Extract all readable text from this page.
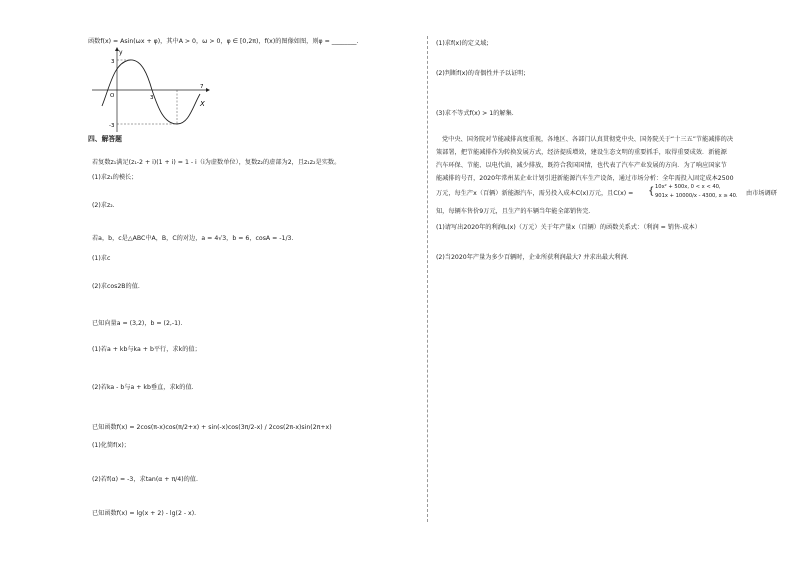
函数f(x) = Asin(ωx + φ)，其中A > 0，ω > 0，φ ∈ [0,2π)，f(x)的图像如图，则φ = ________.
y
X
3
3
7
-3
O
四、解答题
若复数z₁满足(z₁-2 + i)(1 + i) = 1 - i（i为虚数单位），复数z₂的虚部为2，且z₁z₂是实数。
(1)求z₁的模长；
(2)求z₂.
若a，b，c是△ABC中A，B，C的对边，a = 4√3，b = 6，cosA = -1/3.
(1)求c
(2)求cos2B的值.
已知向量a = (3,2)，b = (2,-1).
(1)若a + kb与ka + b平行，求k的值；
(2)若ka - b与a + kb垂直，求k的值.
已知函数f(x) = 2cos(π-x)cos(π/2+x) + sin(-x)cos(3π/2-x) / 2cos(2π-x)sin(2π+x)
(1)化简f(x)；
(2)若f(α) = -3，求tan(α + π/4)的值.
已知函数f(x) = lg(x + 2) - lg(2 - x).
(1)求f(x)的定义域;
(2)判断f(x)的奇偶性并予以证明;
(3)求不等式f(x) > 1的解集.
党中央、国务院对节能减排高度重视，各地区、各部门认真贯彻党中央、国务院关于“十三五”节能减排的决
策部署，把节能减排作为转换发展方式，经济提质增效，建设生态文明的重要抓手，取得重要成效．新能源
汽车环保、节能、以电代油，减少排放，既符合我国国情，也代表了汽车产业发展的方向．为了响应国家节
能减排的号召，2020年常州某企业计划引进新能源汽车生产设备，通过市场分析：全年需投入固定成本2500
万元，每生产x（百辆）新能源汽车，需另投入成本C(x)万元，且C(x) = { 10x² + 500x, 0 < x < 40,
901x + 10000/x - 4300, x ≥ 40. 由市场调研
知，每辆车售价9万元，且生产的车辆当年能全部销售完．
(1)请写出2020年的利润L(x)（万元）关于年产量x（百辆）的函数关系式：（利润 = 销售-成本）
(2)当2020年产量为多少百辆时，企业所获利润最大? 并求出最大利润.
